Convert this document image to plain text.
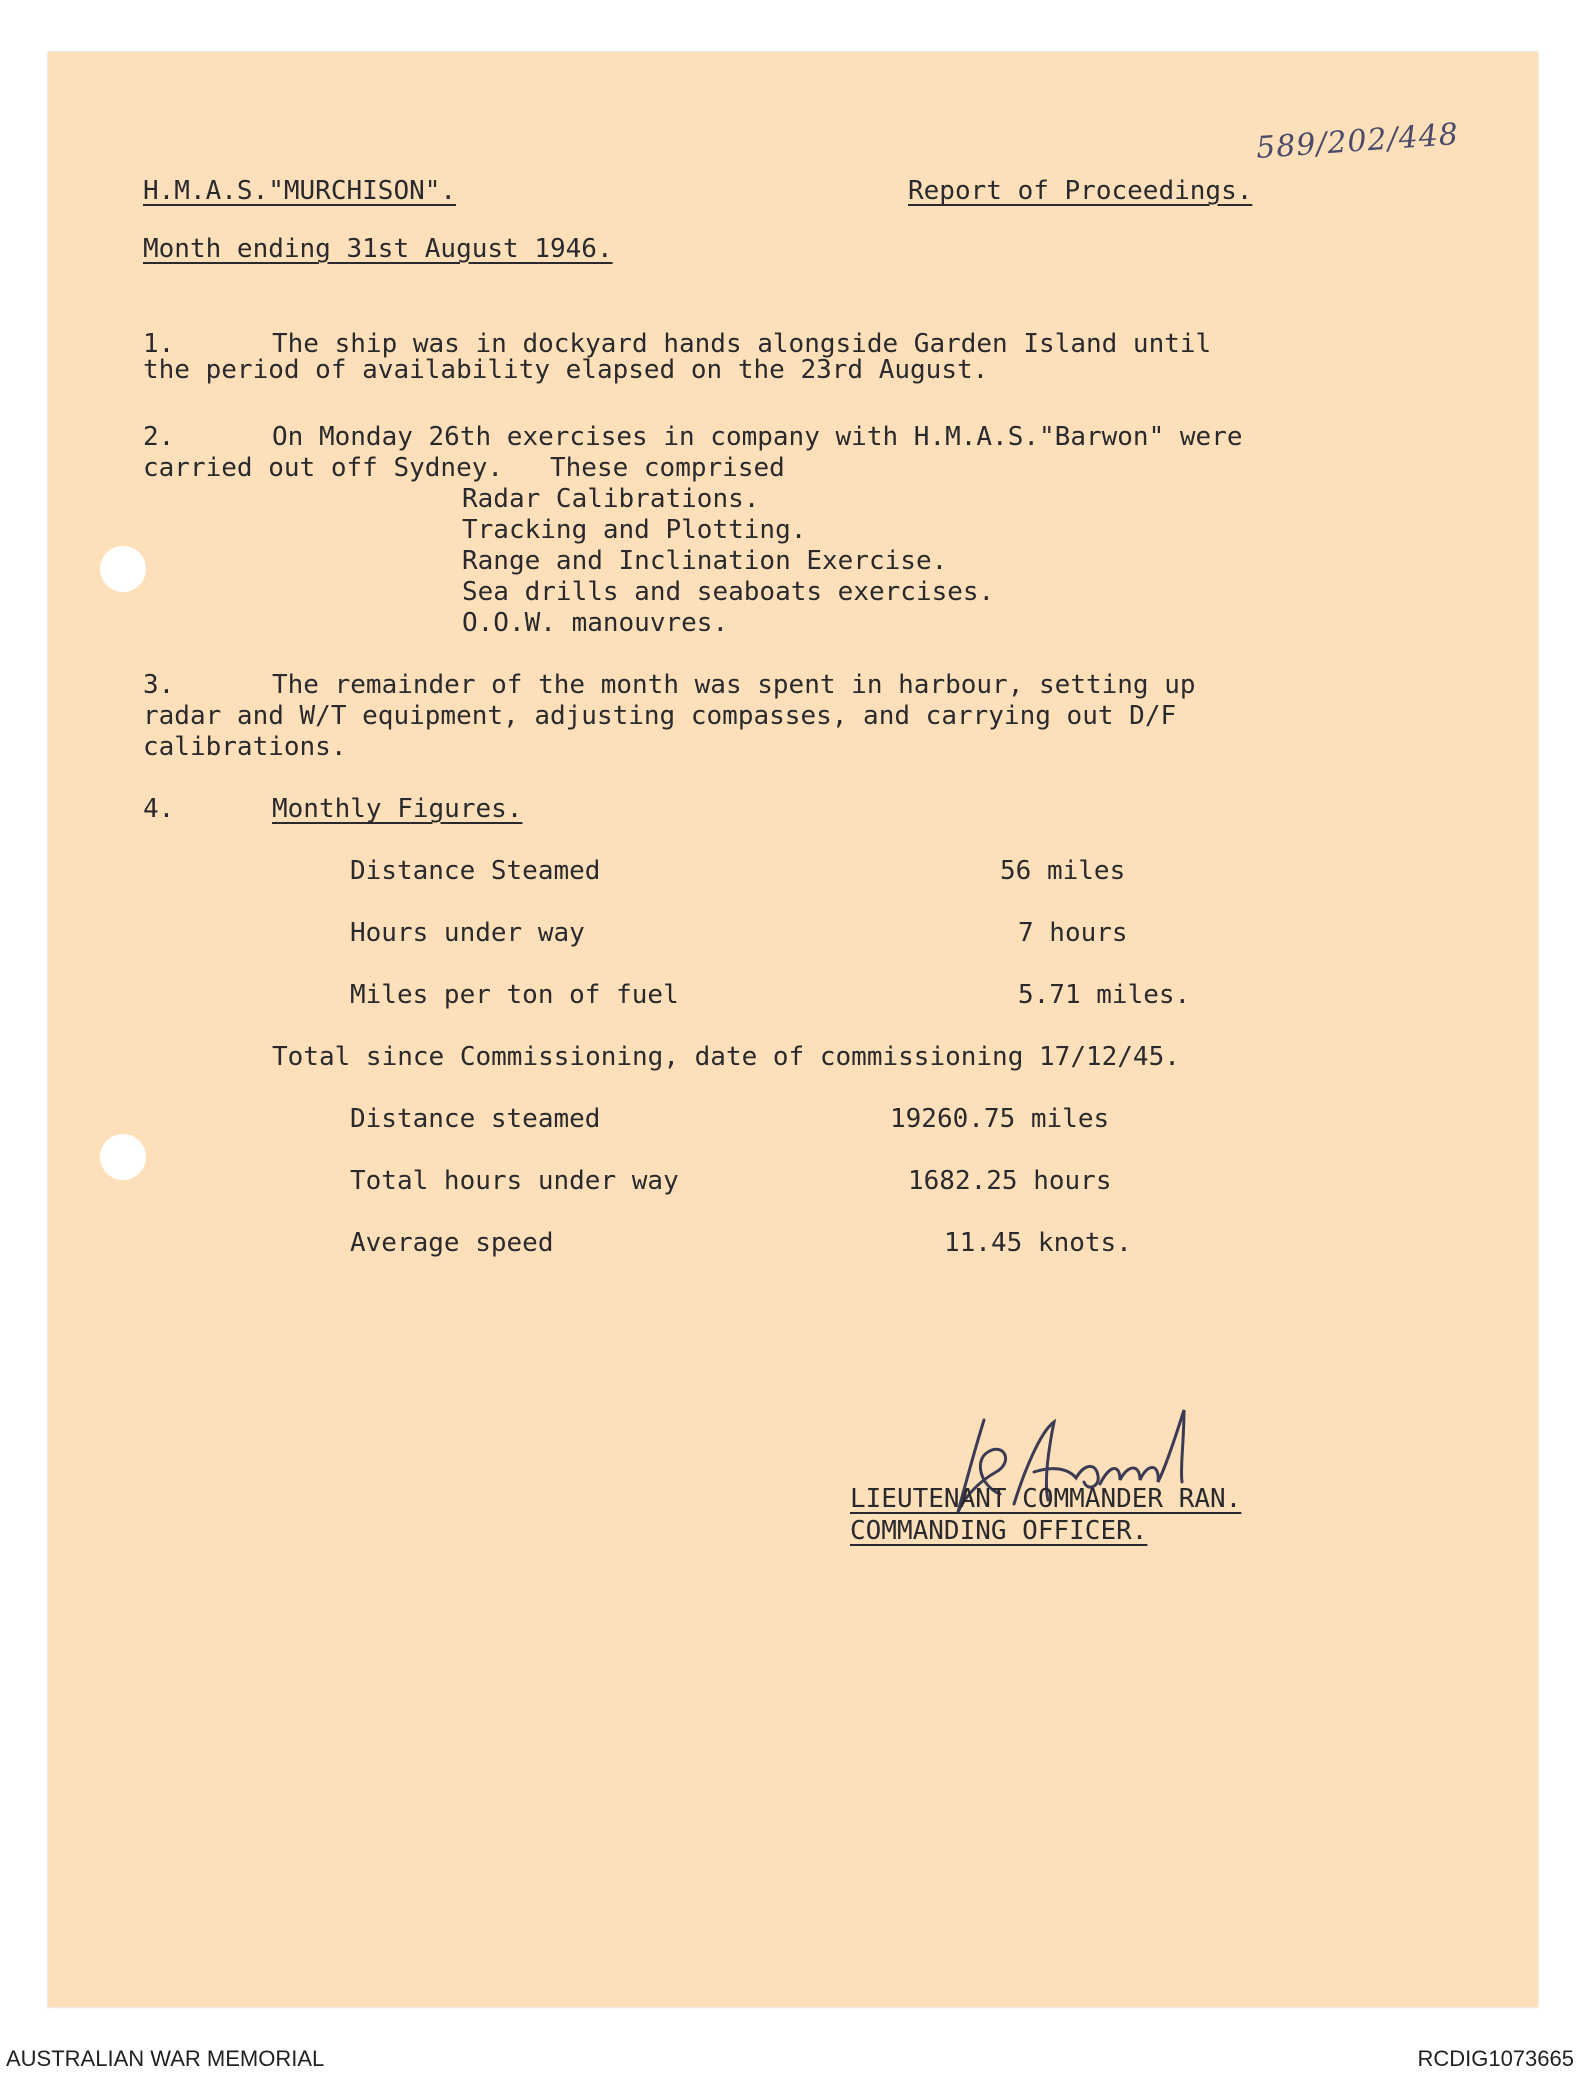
589/202/448
H.M.A.S."MURCHISON".	Report of Proceedings.
Month ending 31st August 1946.
1.	The ship was in dockyard hands alongside Garden Island until
the period of availability elapsed on the 23rd August.
2.	On Monday 26th exercises in company with H.M.A.S."Barwon" were
carried out off Sydney.   These comprised
Radar Calibrations.
Tracking and Plotting.
Range and Inclination Exercise.
Sea drills and seaboats exercises.
O.O.W. manouvres.
3.	The remainder of the month was spent in harbour, setting up
radar and W/T equipment, adjusting compasses, and carrying out D/F
calibrations.
4.	Monthly Figures.
Distance Steamed	56 miles
Hours under way	7 hours
Miles per ton of fuel	5.71 miles.
Total since Commissioning, date of commissioning 17/12/45.
Distance steamed	19260.75 miles
Total hours under way	1682.25 hours
Average speed	11.45 knots.
LIEUTENANT COMMANDER RAN.
COMMANDING OFFICER.
AUSTRALIAN WAR MEMORIAL	RCDIG1073665
